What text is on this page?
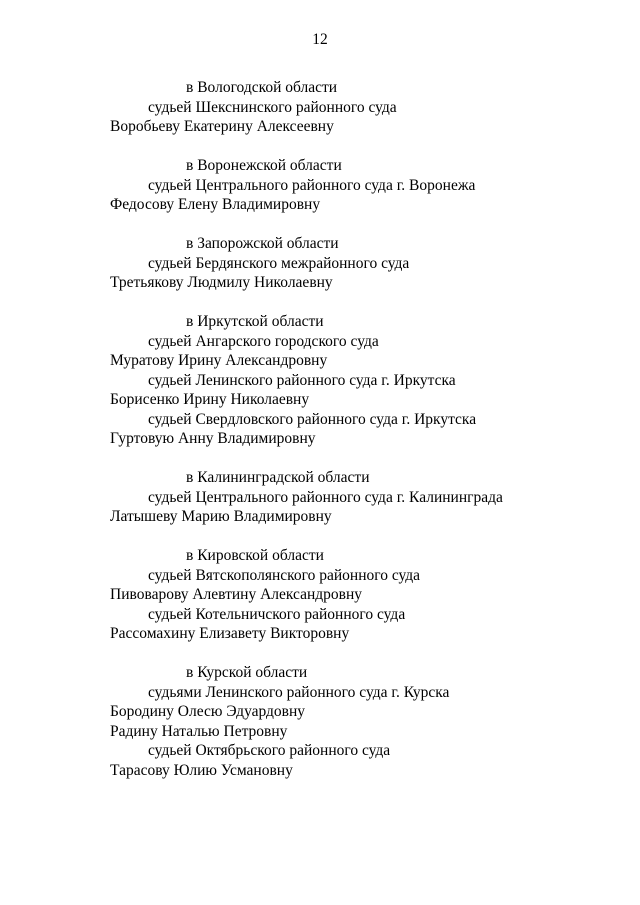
12
в Вологодской области
судьей Шекснинского районного суда
Воробьеву Екатерину Алексеевну
в Воронежской области
судьей Центрального районного суда г. Воронежа
Федосову Елену Владимировну
в Запорожской области
судьей Бердянского межрайонного суда
Третьякову Людмилу Николаевну
в Иркутской области
судьей Ангарского городского суда
Муратову Ирину Александровну
судьей Ленинского районного суда г. Иркутска
Борисенко Ирину Николаевну
судьей Свердловского районного суда г. Иркутска
Гуртовую Анну Владимировну
в Калининградской области
судьей Центрального районного суда г. Калининграда
Латышеву Марию Владимировну
в Кировской области
судьей Вятскополянского районного суда
Пивоварову Алевтину Александровну
судьей Котельничского районного суда
Рассомахину Елизавету Викторовну
в Курской области
судьями Ленинского районного суда г. Курска
Бородину Олесю Эдуардовну
Радину Наталью Петровну
судьей Октябрьского районного суда
Тарасову Юлию Усмановну
